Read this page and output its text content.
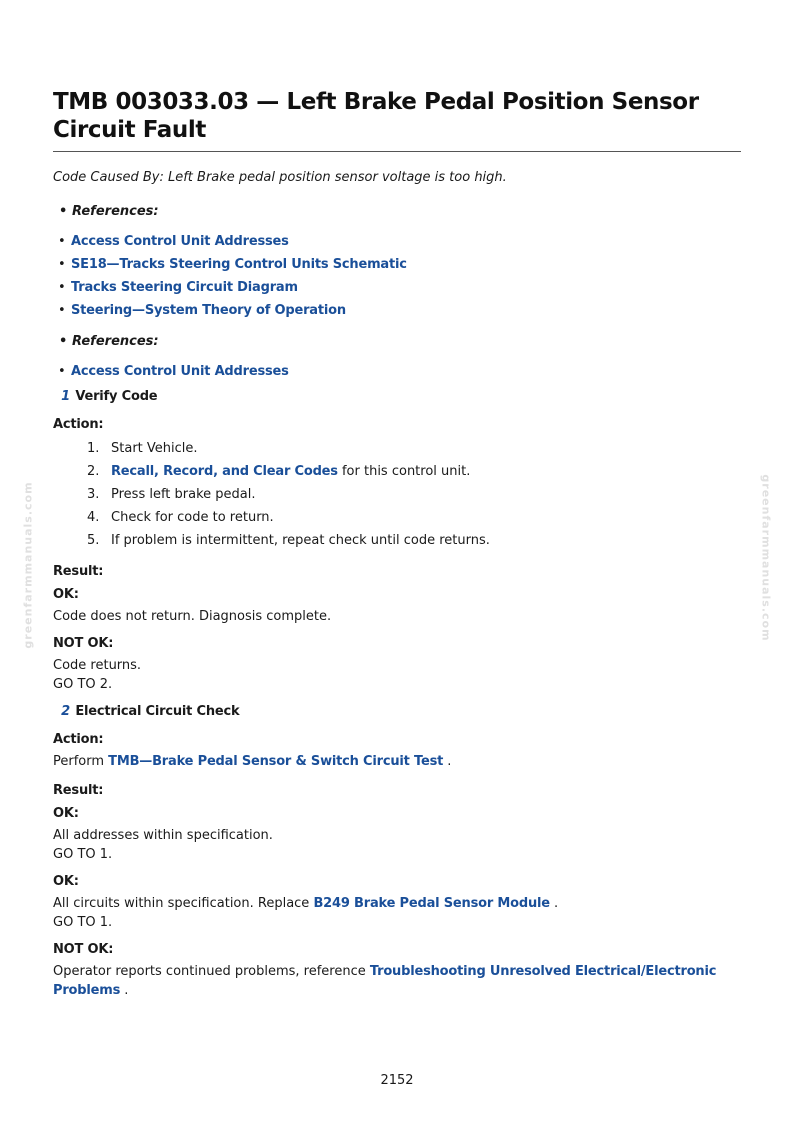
greenfarmmanuals.com	greenfarmmanuals.com
TMB 003033.03 — Left Brake Pedal Position Sensor Circuit Fault
Code Caused By: Left Brake pedal position sensor voltage is too high.
• References:
• Access Control Unit Addresses
• SE18—Tracks Steering Control Units Schematic
• Tracks Steering Circuit Diagram
• Steering—System Theory of Operation
• References:
• Access Control Unit Addresses
1 Verify Code
Action:
1. Start Vehicle.
2. Recall, Record, and Clear Codes for this control unit.
3. Press left brake pedal.
4. Check for code to return.
5. If problem is intermittent, repeat check until code returns.
Result:
OK:
Code does not return. Diagnosis complete.
NOT OK:
Code returns.
GO TO 2.
2 Electrical Circuit Check
Action:
Perform TMB—Brake Pedal Sensor & Switch Circuit Test .
Result:
OK:
All addresses within specification.
GO TO 1.
OK:
All circuits within specification. Replace B249 Brake Pedal Sensor Module .
GO TO 1.
NOT OK:
Operator reports continued problems, reference Troubleshooting Unresolved Electrical/Electronic Problems .
2152
